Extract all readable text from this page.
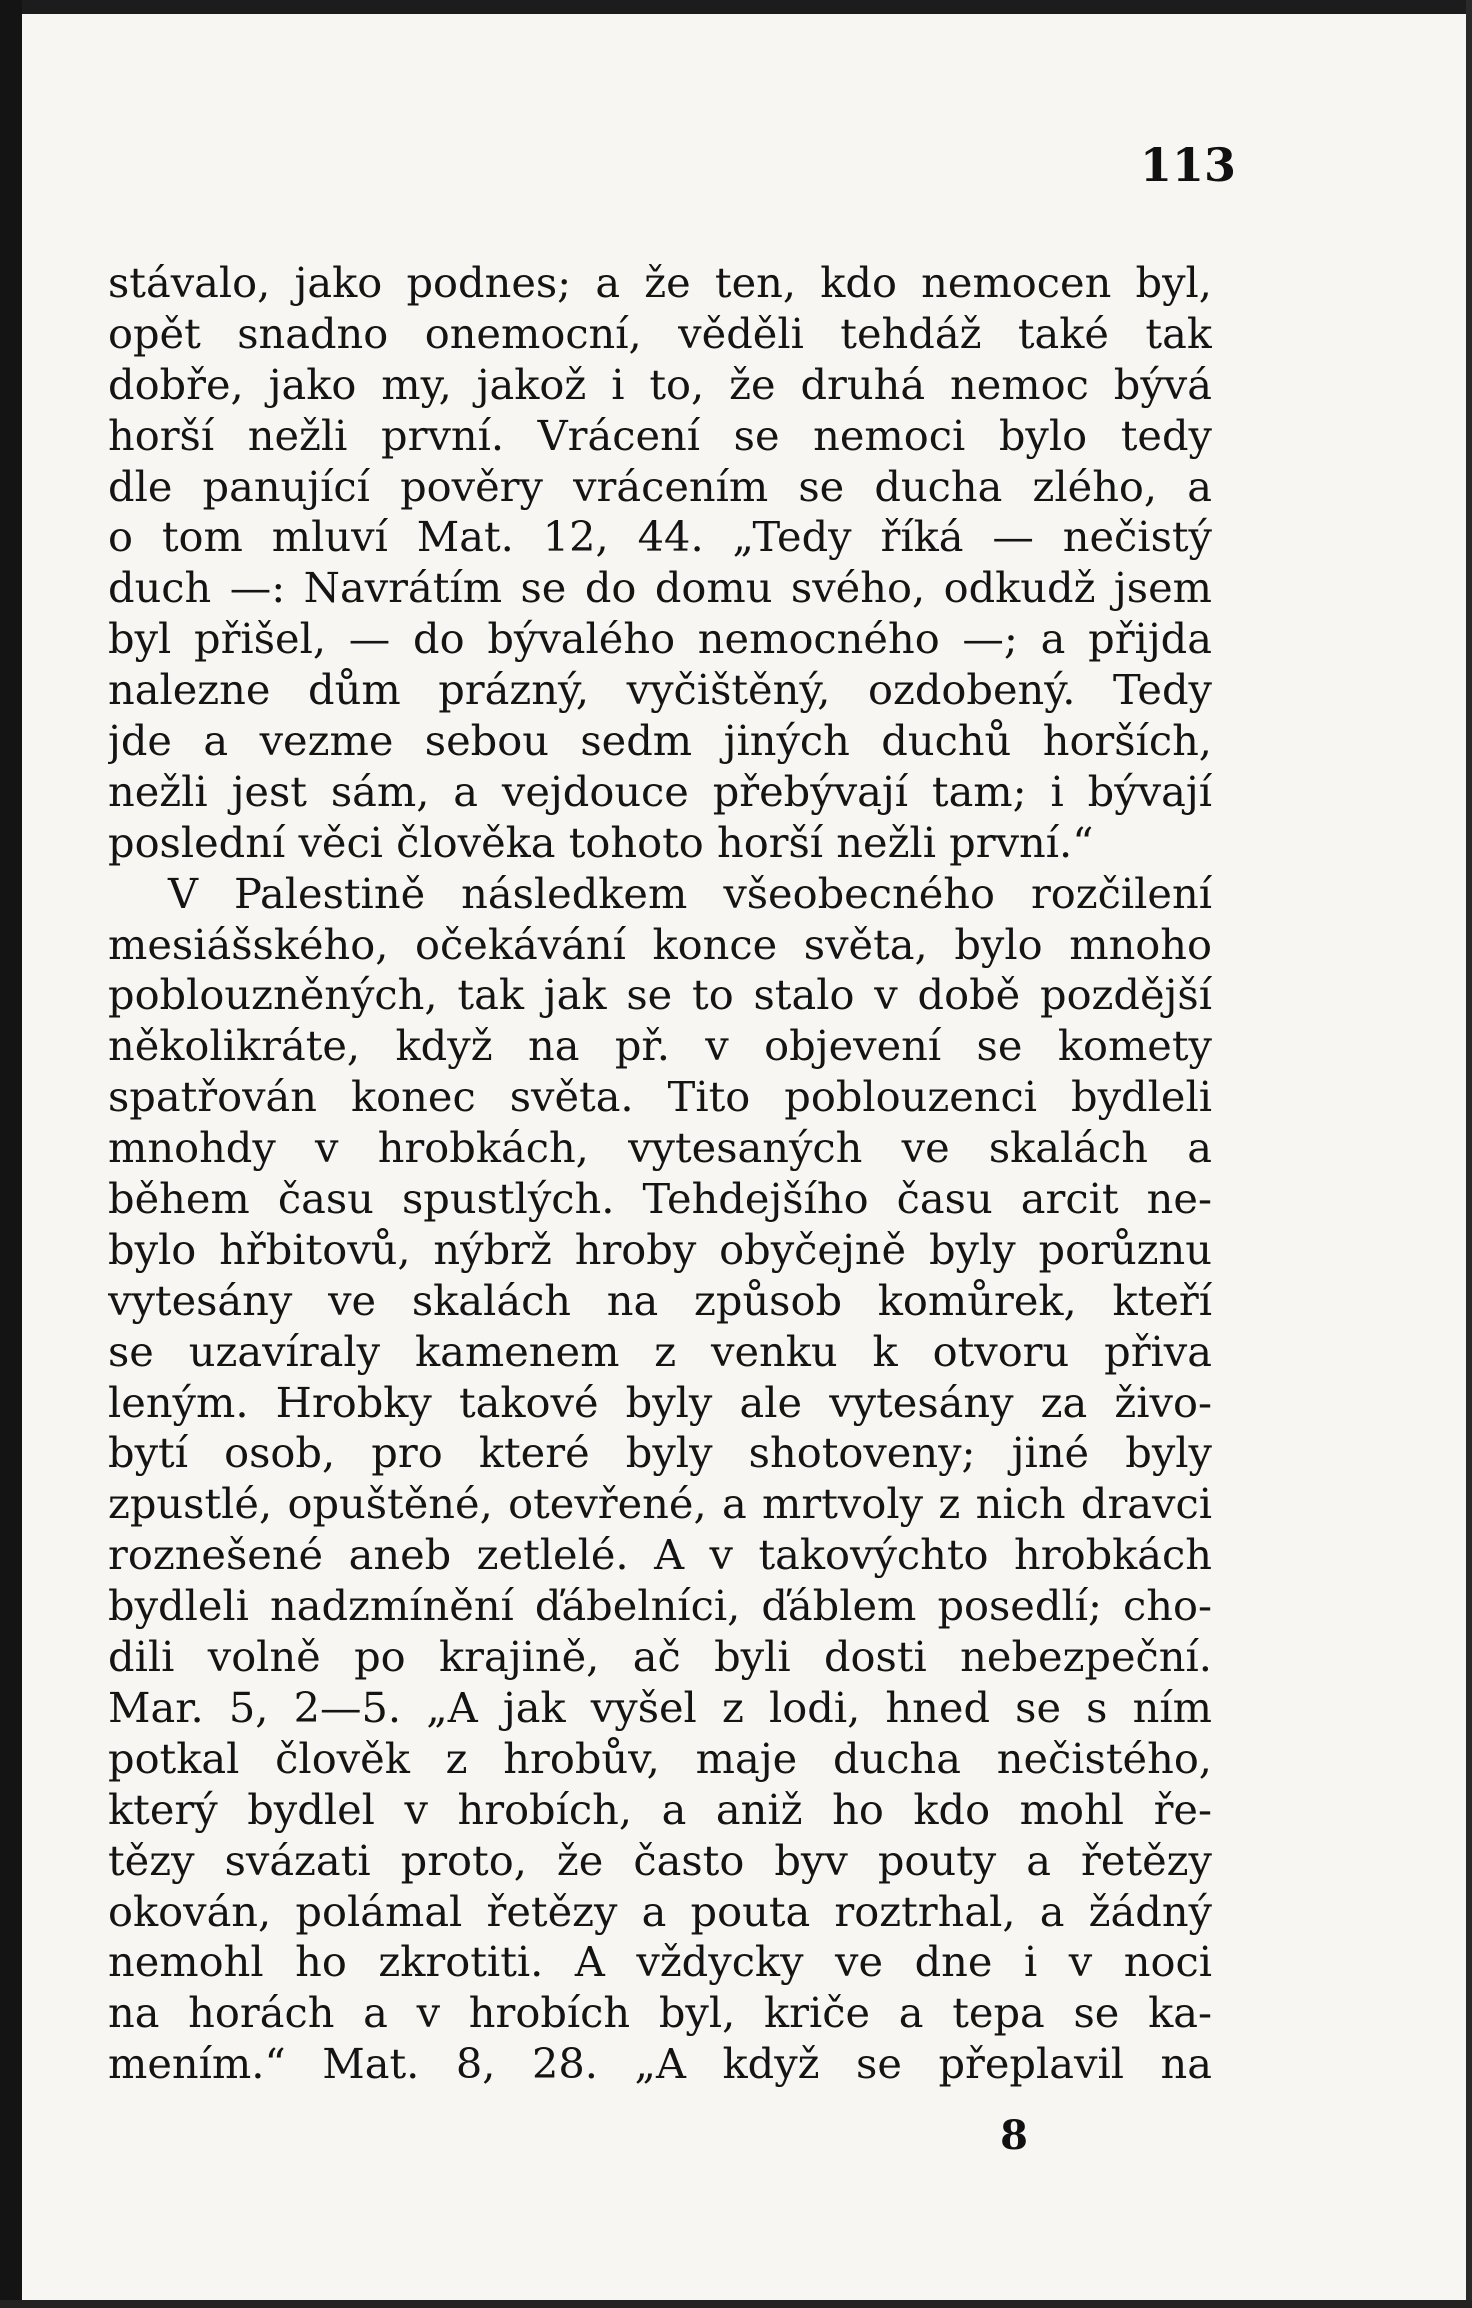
113
stávalo, jako podnes; a že ten, kdo nemocen byl,
opět snadno onemocní, věděli tehdáž také tak
dobře, jako my, jakož i to, že druhá nemoc bývá
horší nežli první. Vrácení se nemoci bylo tedy
dle panující pověry vrácením se ducha zlého, a
o tom mluví Mat. 12, 44. „Tedy říká — nečistý
duch —: Navrátím se do domu svého, odkudž jsem
byl přišel, — do bývalého nemocného —; a přijda
nalezne dům prázný, vyčištěný, ozdobený. Tedy
jde a vezme sebou sedm jiných duchů horších,
nežli jest sám, a vejdouce přebývají tam; i bývají
poslední věci člověka tohoto horší nežli první.“
V Palestině následkem všeobecného rozčilení
mesiášského, očekávání konce světa, bylo mnoho
poblouzněných, tak jak se to stalo v době pozdější
několikráte, když na př. v objevení se komety
spatřován konec světa. Tito poblouzenci bydleli
mnohdy v hrobkách, vytesaných ve skalách a
během času spustlých. Tehdejšího času arcit ne-
bylo hřbitovů, nýbrž hroby obyčejně byly porůznu
vytesány ve skalách na způsob komůrek, kteří
se uzavíraly kamenem z venku k otvoru přiva
leným. Hrobky takové byly ale vytesány za živo-
bytí osob, pro které byly shotoveny; jiné byly
zpustlé, opuštěné, otevřené, a mrtvoly z nich dravci
roznešené aneb zetlelé. A v takovýchto hrobkách
bydleli nadzmínění ďábelníci, ďáblem posedlí; cho-
dili volně po krajině, ač byli dosti nebezpeční.
Mar. 5, 2—5. „A jak vyšel z lodi, hned se s ním
potkal člověk z hrobův, maje ducha nečistého,
který bydlel v hrobích, a aniž ho kdo mohl ře-
tězy svázati proto, že často byv pouty a řetězy
okován, polámal řetězy a pouta roztrhal, a žádný
nemohl ho zkrotiti. A vždycky ve dne i v noci
na horách a v hrobích byl, kriče a tepa se ka-
mením.“ Mat. 8, 28. „A když se přeplavil na
8
